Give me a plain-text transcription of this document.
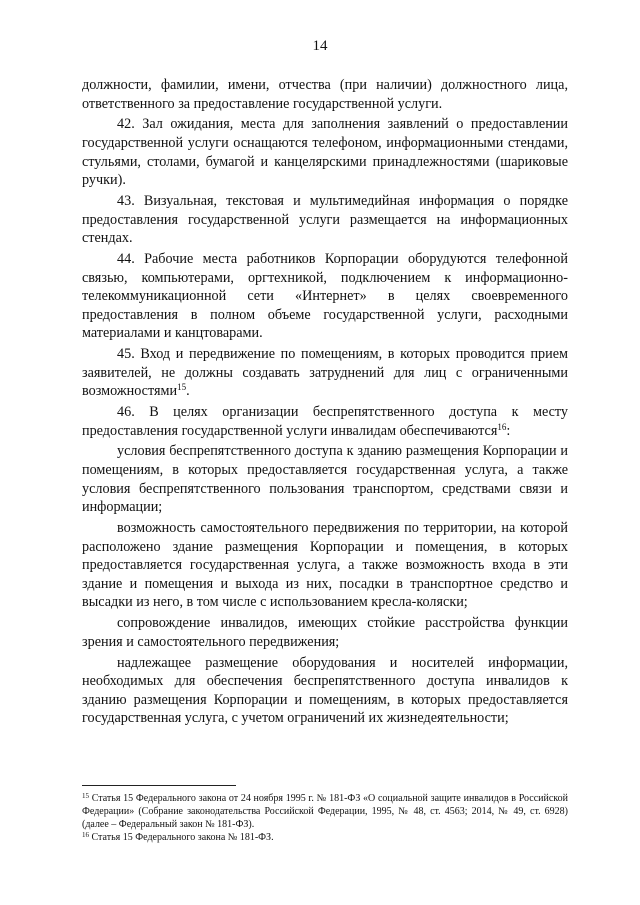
14

должности, фамилии, имени, отчества (при наличии) должностного лица, ответственного за предоставление государственной услуги.

42. Зал ожидания, места для заполнения заявлений о предоставлении государственной услуги оснащаются телефоном, информационными стендами, стульями, столами, бумагой и канцелярскими принадлежностями (шариковые ручки).

43. Визуальная, текстовая и мультимедийная информация о порядке предоставления государственной услуги размещается на информационных стендах.

44. Рабочие места работников Корпорации оборудуются телефонной связью, компьютерами, оргтехникой, подключением к информационно-телекоммуникационной сети «Интернет» в целях своевременного предоставления в полном объеме государственной услуги, расходными материалами и канцтоварами.

45. Вход и передвижение по помещениям, в которых проводится прием заявителей, не должны создавать затруднений для лиц с ограниченными возможностями$^{15}$.

46. В целях организации беспрепятственного доступа к месту предоставления государственной услуги инвалидам обеспечиваются$^{16}$:

условия беспрепятственного доступа к зданию размещения Корпорации и помещениям, в которых предоставляется государственная услуга, а также условия беспрепятственного пользования транспортом, средствами связи и информации;

возможность самостоятельного передвижения по территории, на которой расположено здание размещения Корпорации и помещения, в которых предоставляется государственная услуга, а также возможность входа в эти здание и помещения и выхода из них, посадки в транспортное средство и высадки из него, в том числе с использованием кресла-коляски;

сопровождение инвалидов, имеющих стойкие расстройства функции зрения и самостоятельного передвижения;

надлежащее размещение оборудования и носителей информации, необходимых для обеспечения беспрепятственного доступа инвалидов к зданию размещения Корпорации и помещениям, в которых предоставляется государственная услуга, с учетом ограничений их жизнедеятельности;

$^{15}$ Статья 15 Федерального закона от 24 ноября 1995 г. № 181-ФЗ «О социальной защите инвалидов в Российской Федерации» (Собрание законодательства Российской Федерации, 1995, № 48, ст. 4563; 2014, № 49, ст. 6928) (далее – Федеральный закон № 181-ФЗ).

$^{16}$ Статья 15 Федерального закона № 181-ФЗ.
